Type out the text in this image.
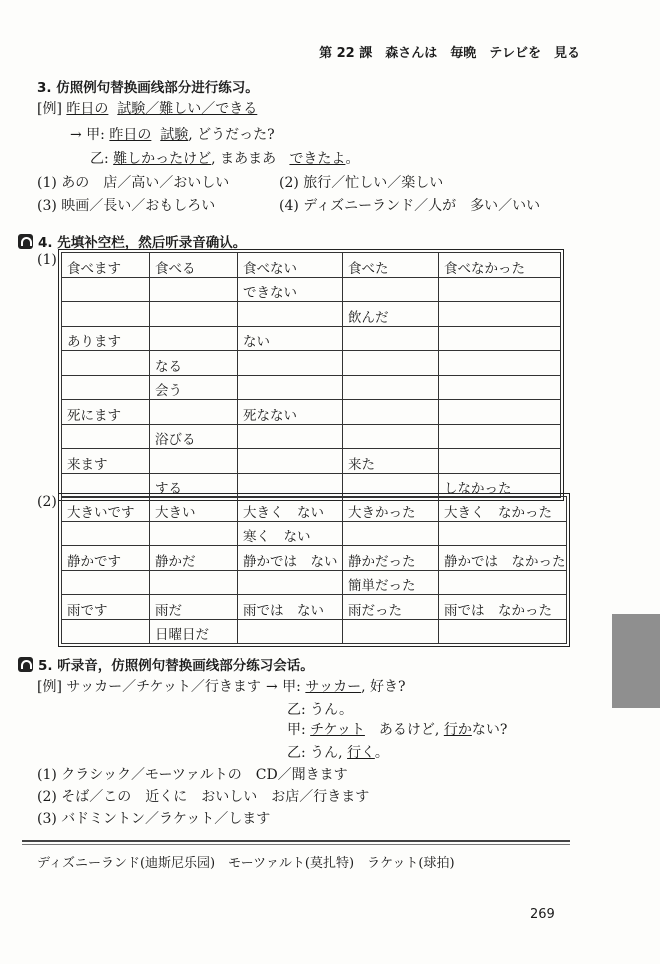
第 22 課　森さんは　毎晩　テレビを　見る
3. 仿照例句替换画线部分进行练习。
[例] 昨日の 試験／難しい／できる
→ 甲: 昨日の 試験, どうだった?
乙: 難しかったけど, まあまあ できたよ。
(1) あの　店／高い／おいしい	(2) 旅行／忙しい／楽しい
(3) 映画／長い／おもしろい	(4) ディズニーランド／人が　多い／いい
4. 先填补空栏，然后听录音确认。
(1)
食べます	食べる	食べない	食べた	食べなかった
		できない		
			飲んだ	
あります		ない		
	なる			
	会う			
死にます		死なない		
	浴びる			
来ます			来た	
	する			しなかった
(2)
大きいです	大きい	大きく　ない	大きかった	大きく　なかった
		寒く　ない		
静かです	静かだ	静かでは　ない	静かだった	静かでは　なかった
			簡単だった	
雨です	雨だ	雨では　ない	雨だった	雨では　なかった
	日曜日だ			
5. 听录音，仿照例句替换画线部分练习会话。
[例] サッカー／チケット／行きます → 甲: サッカー, 好き?
乙: うん。
甲: チケット　あるけど, 行かない?
乙: うん, 行く。
(1) クラシック／モーツァルトの　CD／聞きます
(2) そば／この　近くに　おいしい　お店／行きます
(3) バドミントン／ラケット／します
ディズニーランド(迪斯尼乐园)　モーツァルト(莫扎特)　ラケット(球拍)
269
